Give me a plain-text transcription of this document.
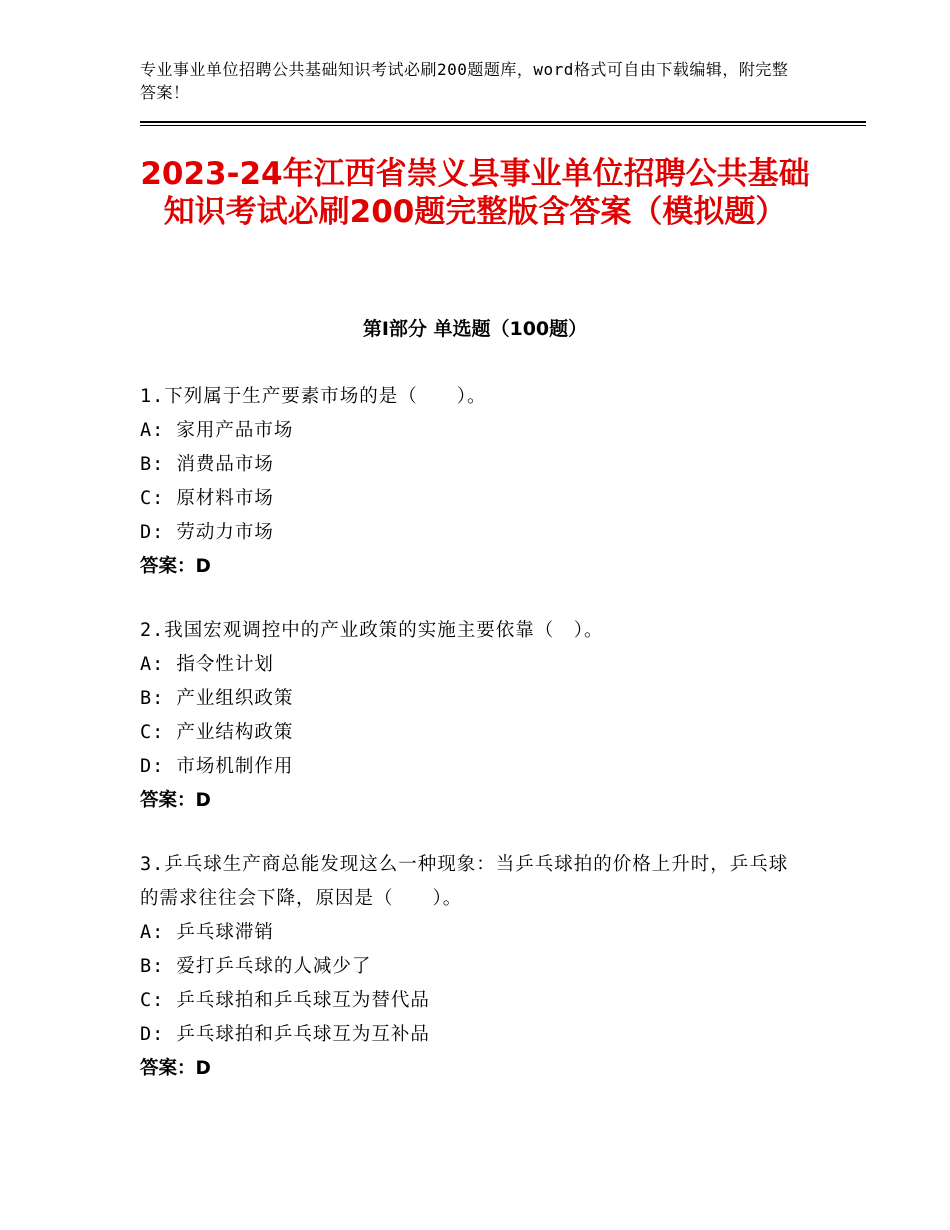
专业事业单位招聘公共基础知识考试必刷200题题库，word格式可自由下载编辑，附完整答案！
2023-24年江西省崇义县事业单位招聘公共基础知识考试必刷200题完整版含答案（模拟题）
第Ⅰ部分 单选题（100题）
1.下列属于生产要素市场的是（　　）。
A: 家用产品市场
B: 消费品市场
C: 原材料市场
D: 劳动力市场
答案：D
2.我国宏观调控中的产业政策的实施主要依靠（　）。
A: 指令性计划
B: 产业组织政策
C: 产业结构政策
D: 市场机制作用
答案：D
3.乒乓球生产商总能发现这么一种现象：当乒乓球拍的价格上升时，乒乓球的需求往往会下降，原因是（　　）。
A: 乒乓球滞销
B: 爱打乒乓球的人减少了
C: 乒乓球拍和乒乓球互为替代品
D: 乒乓球拍和乒乓球互为互补品
答案：D
